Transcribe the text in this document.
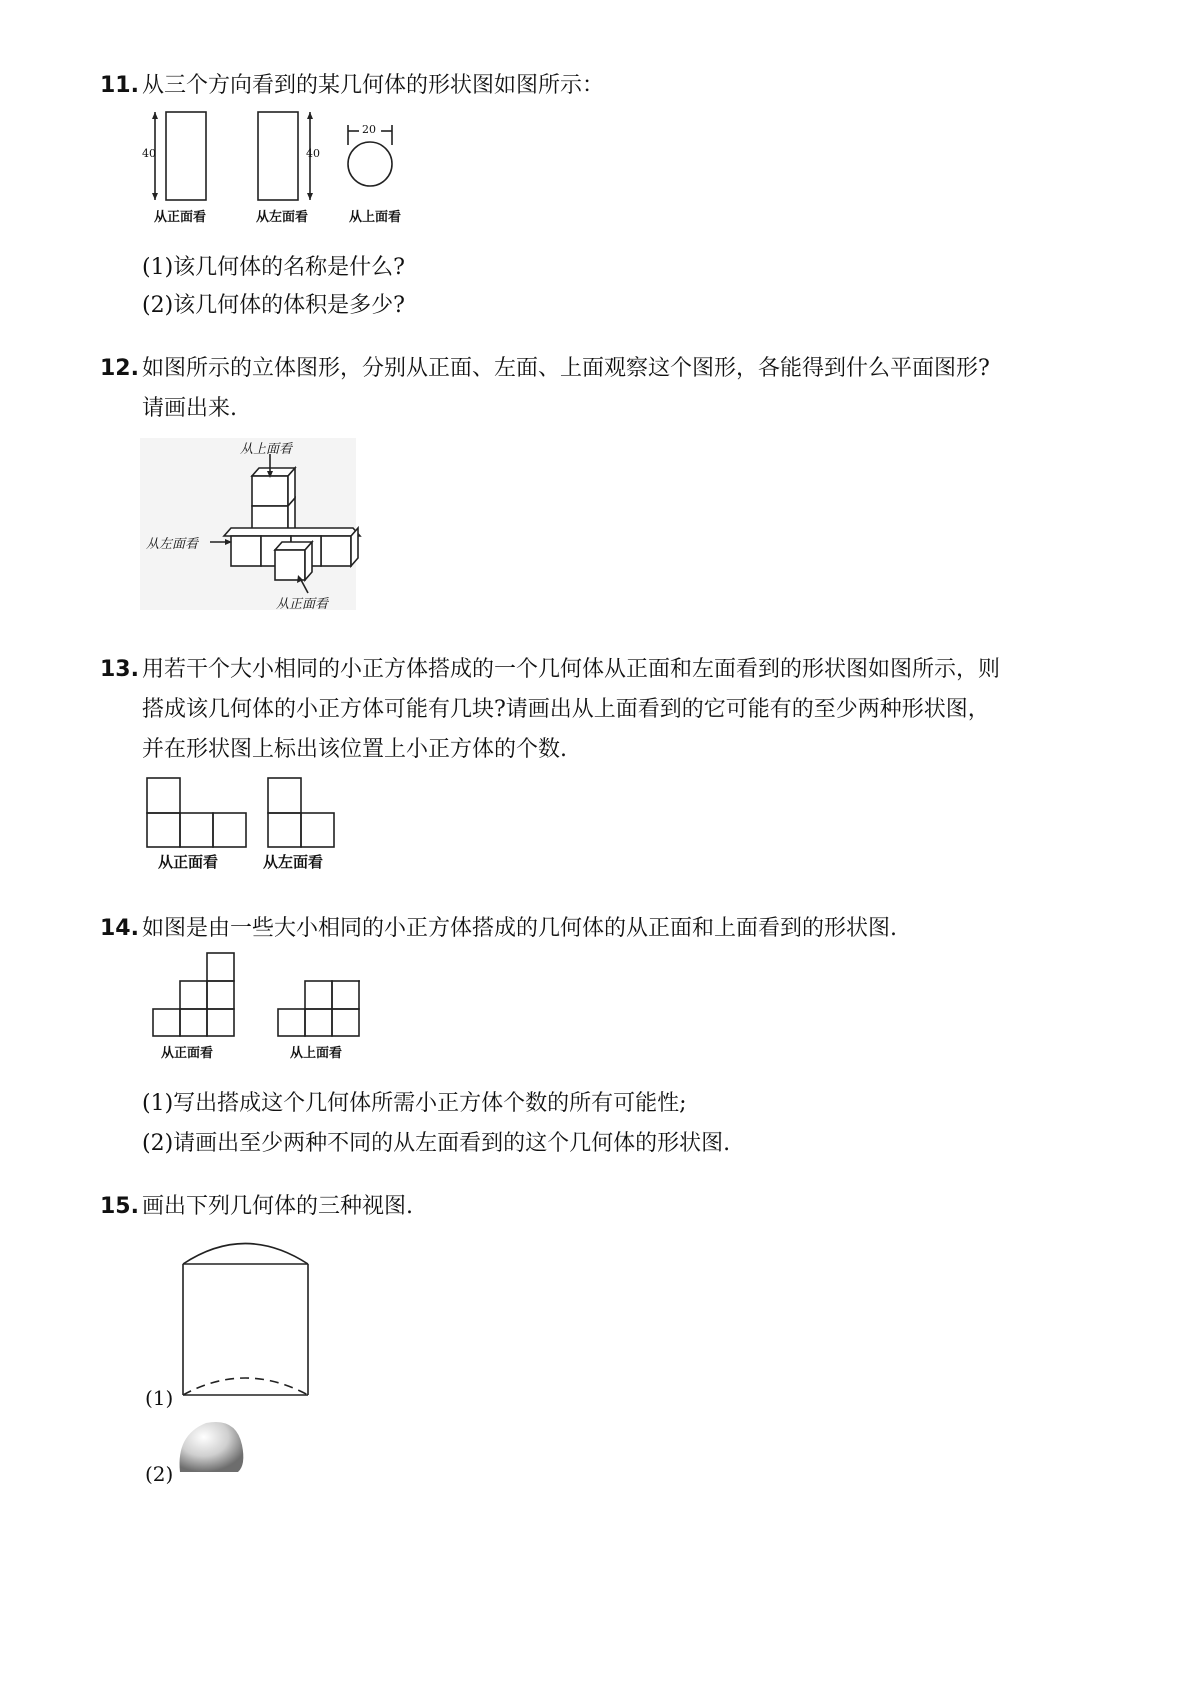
11. 从三个方向看到的某几何体的形状图如图所示：
40	40
20
从正面看	从左面看	从上面看
(1)该几何体的名称是什么?
(2)该几何体的体积是多少?
12. 如图所示的立体图形，分别从正面、左面、上面观察这个图形，各能得到什么平面图形?
请画出来.
从上面看
从左面看
从正面看
13. 用若干个大小相同的小正方体搭成的一个几何体从正面和左面看到的形状图如图所示，则
搭成该几何体的小正方体可能有几块?请画出从上面看到的它可能有的至少两种形状图，
并在形状图上标出该位置上小正方体的个数.
从正面看	从左面看
14. 如图是由一些大小相同的小正方体搭成的几何体的从正面和上面看到的形状图.
从正面看	从上面看
(1)写出搭成这个几何体所需小正方体个数的所有可能性;
(2)请画出至少两种不同的从左面看到的这个几何体的形状图.
15. 画出下列几何体的三种视图.
(1)
(2)
